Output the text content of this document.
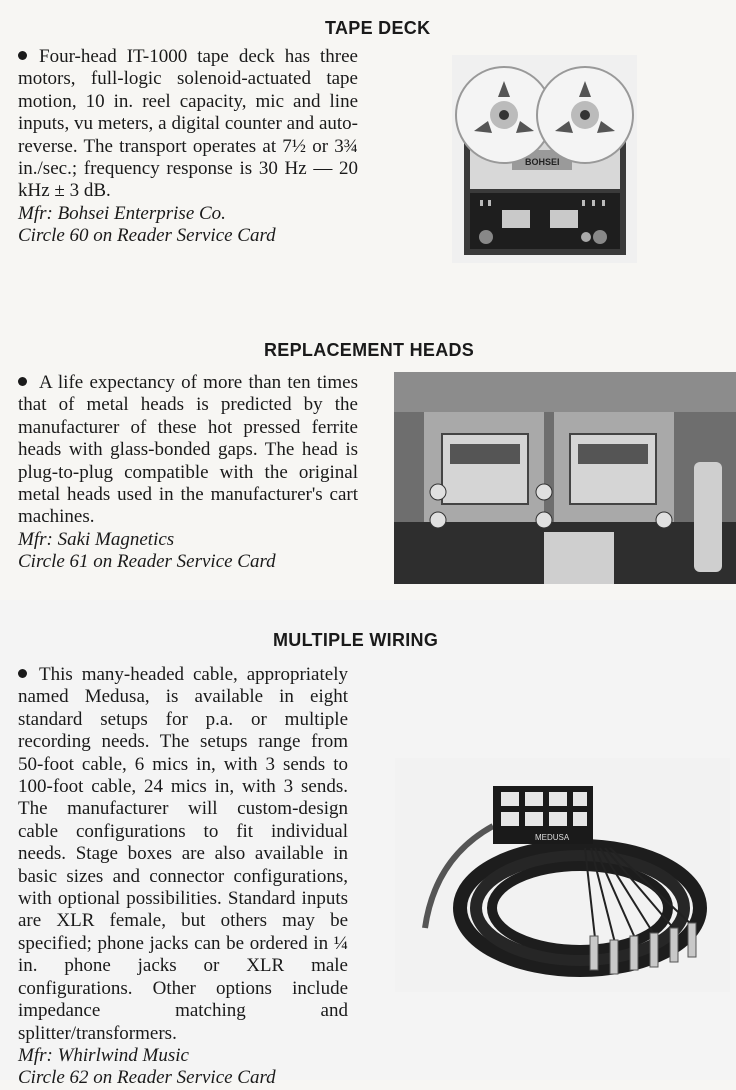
TAPE DECK

Four-head IT-1000 tape deck has three motors, full-logic solenoid-actuated tape motion, 10 in. reel capacity, mic and line inputs, vu meters, a digital counter and auto-reverse. The transport operates at 7½ or 3¾ in./sec.; frequency response is 30 Hz — 20 kHz ± 3 dB.

Mfr: Bohsei Enterprise Co.
Circle 60 on Reader Service Card
BOHSEI
REPLACEMENT HEADS

A life expectancy of more than ten times that of metal heads is predicted by the manufacturer of these hot pressed ferrite heads with glass-bonded gaps. The head is plug-to-plug compatible with the original metal heads used in the manufacturer's cart machines.

Mfr: Saki Magnetics
Circle 61 on Reader Service Card
MULTIPLE WIRING

This many-headed cable, appropriately named Medusa, is available in eight standard setups for p.a. or multiple recording needs. The setups range from 50-foot cable, 6 mics in, with 3 sends to 100-foot cable, 24 mics in, with 3 sends. The manufacturer will custom-design cable configurations to fit individual needs. Stage boxes are also available in basic sizes and connector configurations, with optional possibilities. Standard inputs are XLR female, but others may be specified; phone jacks can be ordered in ¼ in. phone jacks or XLR male configurations. Other options include impedance matching and splitter/transformers.

Mfr: Whirlwind Music
Circle 62 on Reader Service Card
MEDUSA
